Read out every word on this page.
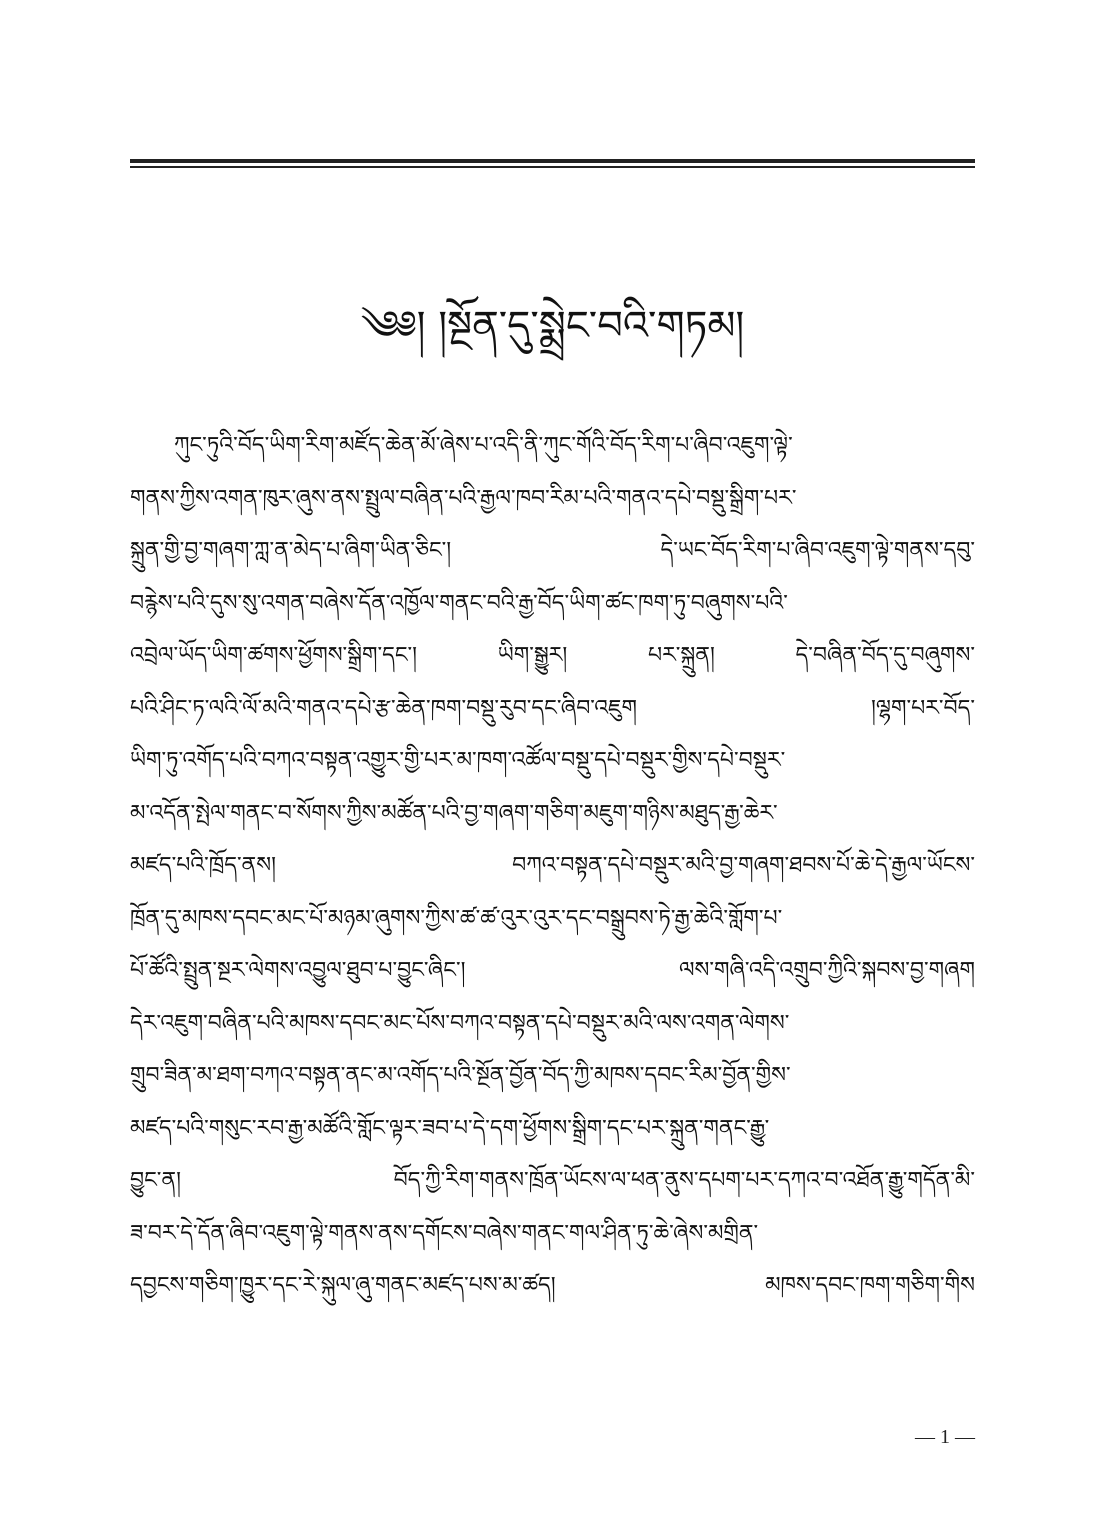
༄༅། །སྔོན་དུ་སྨྲེང་བའི་གཏམ།
ཀུང་ཏུའི་བོད་ཡིག་རིག་མཛོད་ཆེན་མོ་ཞེས་པ་འདི་ནི་ཀུང་གོའི་བོད་རིག་པ་ཞིབ་འཇུག་ལྟེ་
གནས་ཀྱིས་འགན་ཁུར་ཞུས་ནས་སྤྲུལ་བཞིན་པའི་རྒྱལ་ཁབ་རིམ་པའི་གནའ་དཔེ་བསྡུ་སྒྲིག་པར་
སྐྲུན་གྱི་བྱ་གཞག་ཀླ་ན་མེད་པ་ཞིག་ཡིན་ཅིང་། དེ་ཡང་བོད་རིག་པ་ཞིབ་འཇུག་ལྟེ་གནས་དབུ་
བརྙེས་པའི་དུས་སུ་འགན་བཞེས་དོན་འཁྱོལ་གནང་བའི་རྒྱ་བོད་ཡིག་ཚང་ཁག་ཏུ་བཞུགས་པའི་
འབྲེལ་ཡོད་ཡིག་ཚགས་ཕྱོགས་སྒྲིག་དང་། ཡིག་སྒྱུར། པར་སྐྲུན། དེ་བཞིན་བོད་དུ་བཞུགས་
པའི་ཤིང་ཏ་ལའི་ལོ་མའི་གནའ་དཔེ་རྩ་ཆེན་ཁག་བསྡུ་རུབ་དང་ཞིབ་འཇུག །ལྷག་པར་བོད་
ཡིག་ཏུ་འགོད་པའི་བཀའ་བསྟན་འགྱུར་གྱི་པར་མ་ཁག་འཚོལ་བསྡུ་དཔེ་བསྡུར་གྱིས་དཔེ་བསྡུར་
མ་འདོན་སྤེལ་གནང་བ་སོགས་ཀྱིས་མཚོན་པའི་བྱ་གཞག་གཅིག་མཇུག་གཉིས་མཐུད་རྒྱ་ཆེར་
མཛད་པའི་ཁྲོད་ནས། བཀའ་བསྟན་དཔེ་བསྡུར་མའི་བྱ་གཞག་ཐབས་པོ་ཆེ་དེ་རྒྱལ་ཡོངས་
ཁྲོན་དུ་མཁས་དབང་མང་པོ་མཉམ་ཞུགས་ཀྱིས་ཚ་ཚ་འུར་འུར་དང་བསྒྲུབས་ཏེ་རྒྱ་ཆེའི་གློག་པ་
པོ་ཚོའི་སྤྲུན་སྔར་ལེགས་འབྱུལ་ཐུབ་པ་བྱུང་ཞིང་། ལས་གཞི་འདི་འགྲུབ་ཀྱིའི་སྐབས་བྱ་གཞག
དེར་འཇུག་བཞིན་པའི་མཁས་དབང་མང་པོས་བཀའ་བསྟན་དཔེ་བསྡུར་མའི་ལས་འགན་ལེགས་
གྲུབ་ཟིན་མ་ཐག་བཀའ་བསྟན་ནང་མ་འགོད་པའི་སྔོན་བྱོན་བོད་ཀྱི་མཁས་དབང་རིམ་བྱོན་གྱིས་
མཛད་པའི་གསུང་རབ་རྒྱ་མཚོའི་གློང་ལྟར་ཟབ་པ་དེ་དག་ཕྱོགས་སྒྲིག་དང་པར་སྐྲུན་གནང་རྒྱུ་
བྱུང་ན། བོད་ཀྱི་རིག་གནས་ཁྲོན་ཡོངས་ལ་ཕན་ནུས་དཔག་པར་དཀའ་བ་འཐོན་རྒྱུ་གདོན་མི་
ཟ་བར་དེ་དོན་ཞིབ་འཇུག་ལྟེ་གནས་ནས་དགོངས་བཞེས་གནང་གལ་ཤིན་ཏུ་ཆེ་ཞེས་མགྲིན་
དབྱངས་གཅིག་ཁྱུར་དང་རེ་སྐུལ་ཞུ་གནང་མཛད་པས་མ་ཚད། མཁས་དབང་ཁག་གཅིག་གིས
— 1 —
